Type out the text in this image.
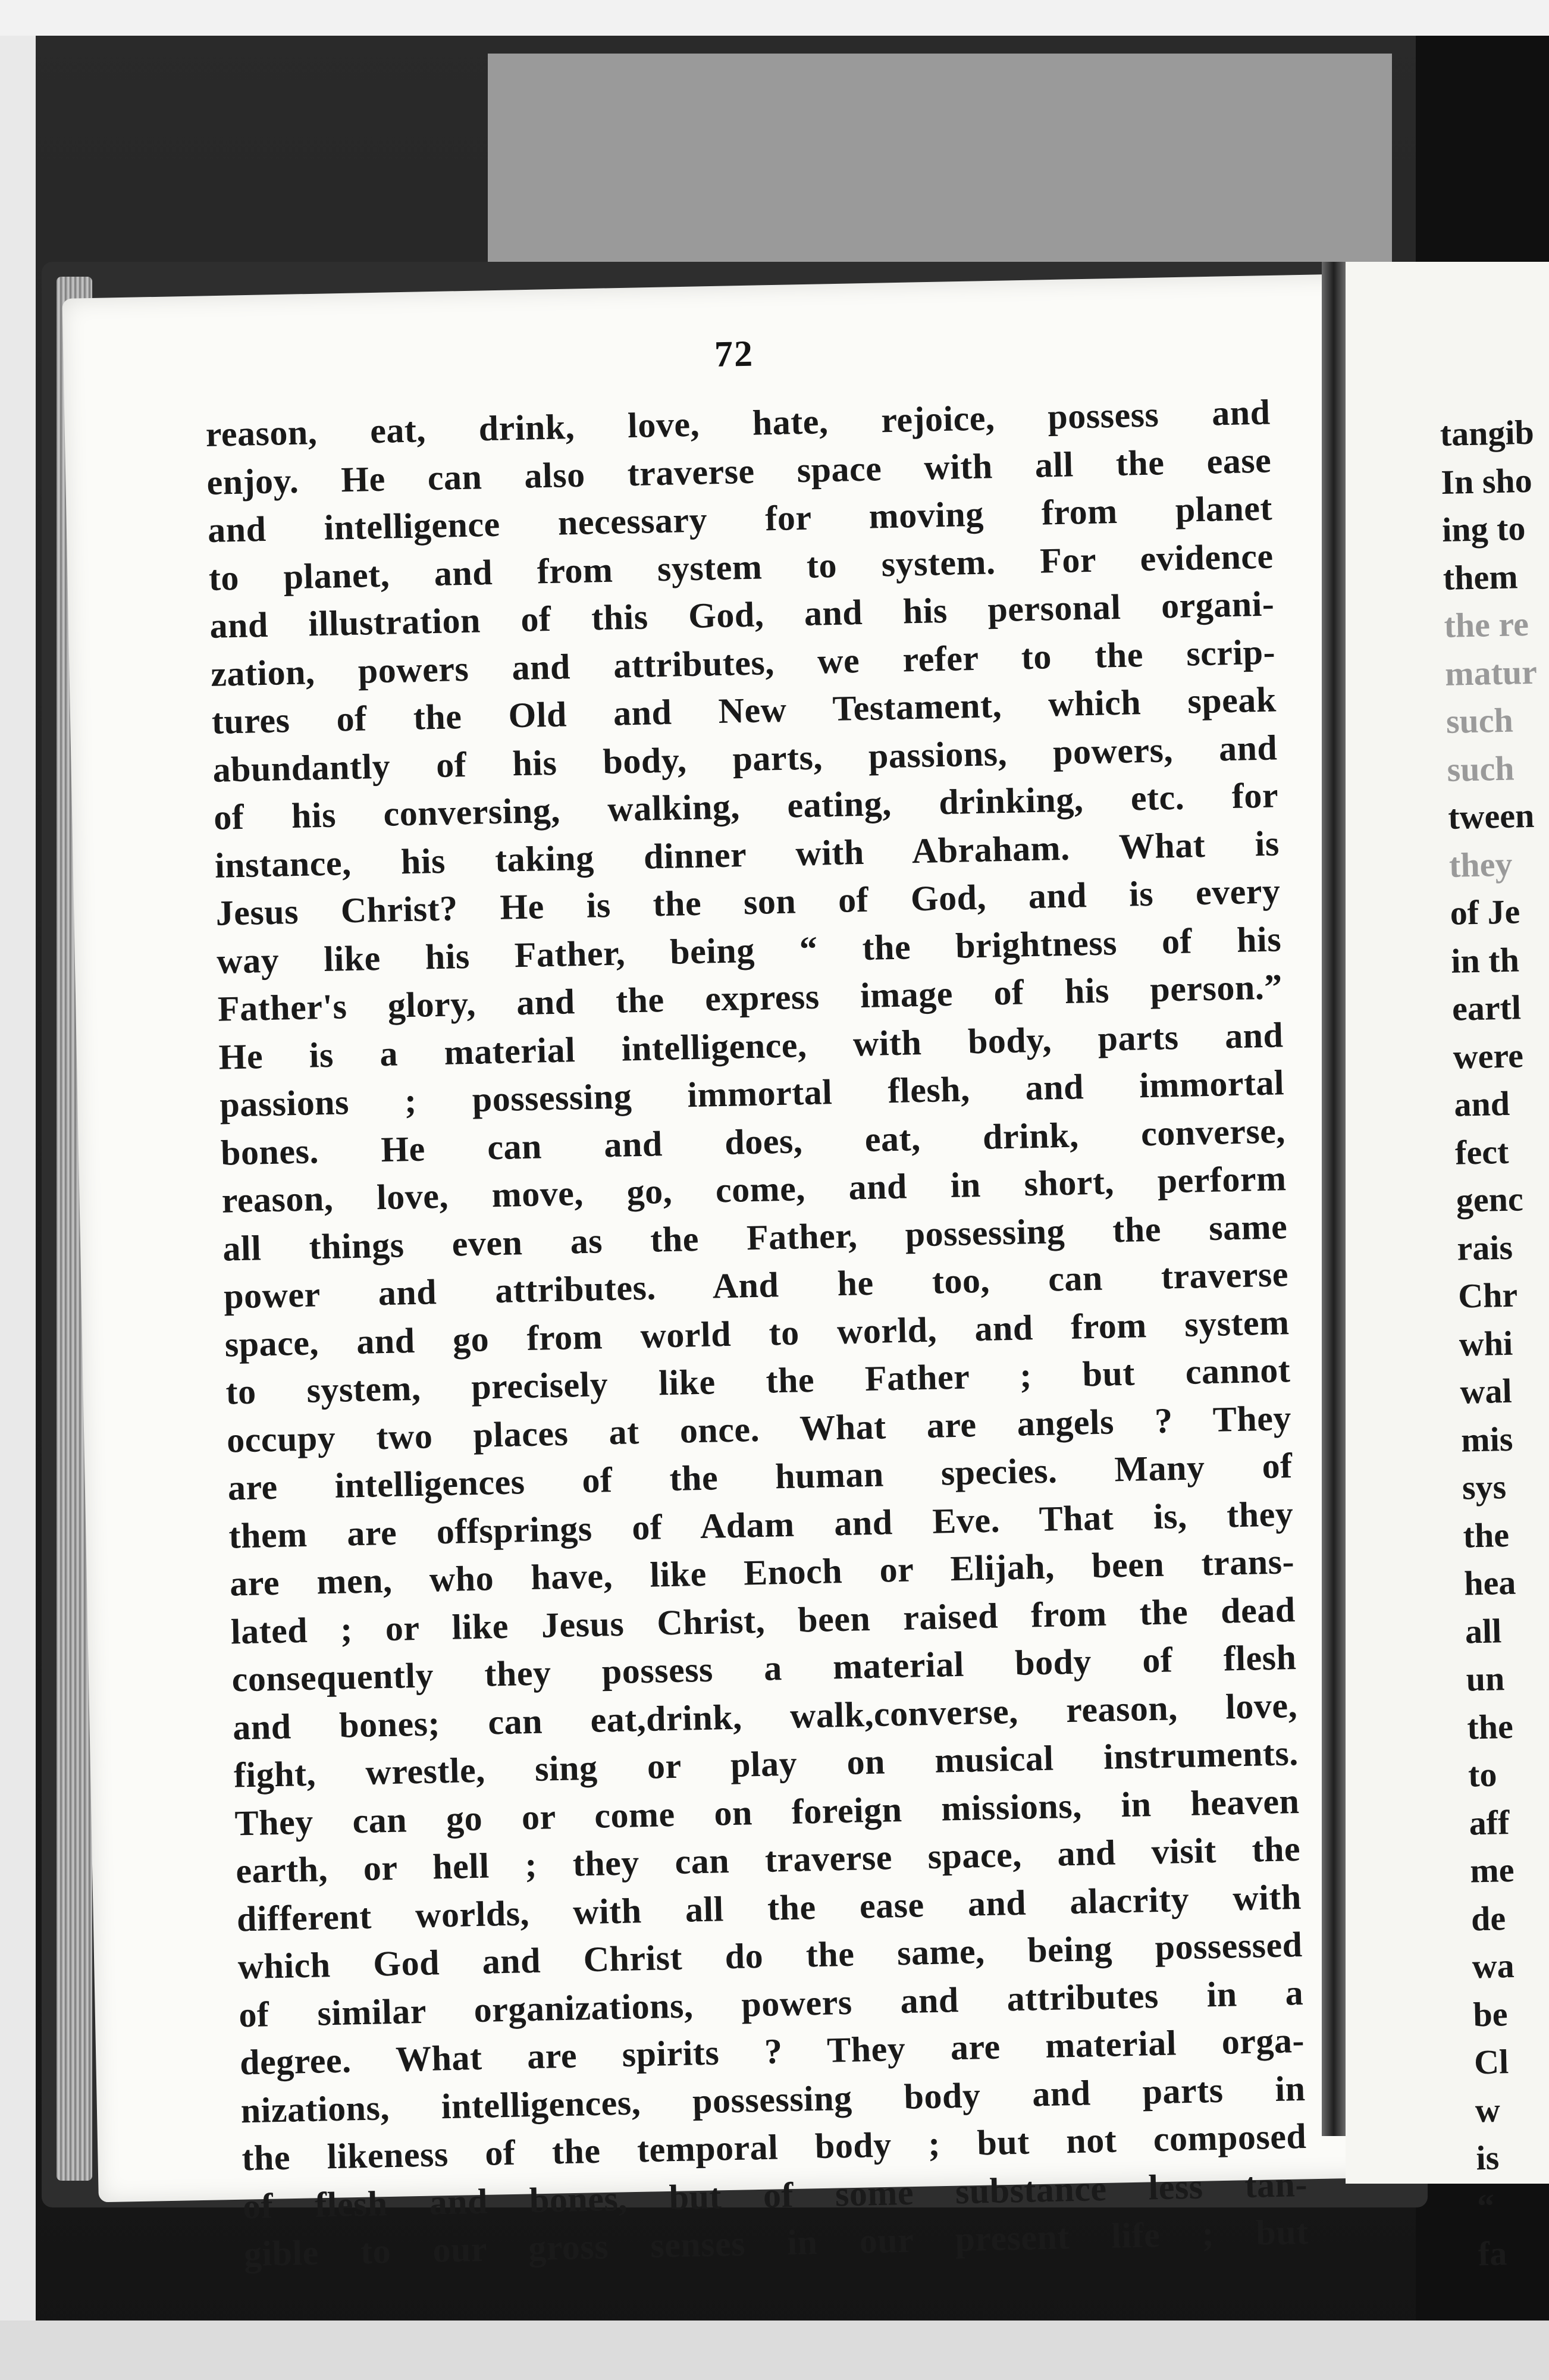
72
reason, eat, drink, love, hate, rejoice, possess and
enjoy. He can also traverse space with all the ease
and intelligence necessary for moving from planet
to planet, and from system to system. For evidence
and illustration of this God, and his personal organi-
zation, powers and attributes, we refer to the scrip-
tures of the Old and New Testament, which speak
abundantly of his body, parts, passions, powers, and
of his conversing, walking, eating, drinking, etc. for
instance, his taking dinner with Abraham. What is
Jesus Christ? He is the son of God, and is every
way like his Father, being “ the brightness of his
Father's glory, and the express image of his person.”
He is a material intelligence, with body, parts and
passions ; possessing immortal flesh, and immortal
bones. He can and does, eat, drink, converse,
reason, love, move, go, come, and in short, perform
all things even as the Father, possessing the same
power and attributes. And he too, can traverse
space, and go from world to world, and from system
to system, precisely like the Father ; but cannot
occupy two places at once. What are angels ? They
are intelligences of the human species. Many of
them are offsprings of Adam and Eve. That is, they
are men, who have, like Enoch or Elijah, been trans-
lated ; or like Jesus Christ, been raised from the dead
consequently they possess a material body of flesh
and bones; can eat,drink, walk,converse, reason, love,
fight, wrestle, sing or play on musical instruments.
They can go or come on foreign missions, in heaven
earth, or hell ; they can traverse space, and visit the
different worlds, with all the ease and alacrity with
which God and Christ do the same, being possessed
of similar organizations, powers and attributes in a
degree. What are spirits ? They are material orga-
nizations, intelligences, possessing body and parts in
the likeness of the temporal body ; but not composed
of flesh and bones, but of some substance less tan-
gible to our gross senses in our present life ; but
tangib
In sho
ing to
them
the re
matur
such
such
tween
they
of Je
in th
eartl
were
and
fect
genc
rais
Chr
whi
wal
mis
sys
the
hea
all
un
the
to
aff
me
de
wa
be
Cl
w
is
“
fa
